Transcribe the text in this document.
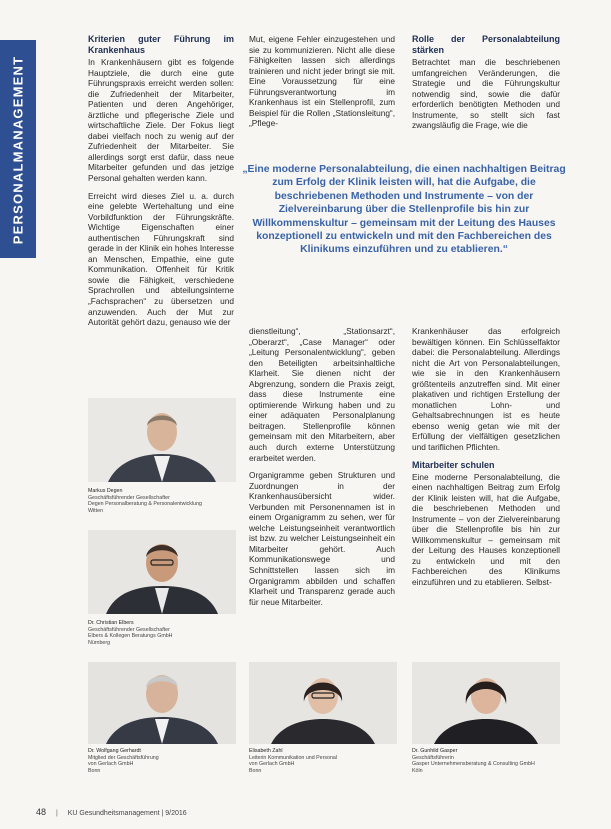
PERSONALMANAGEMENT
Kriterien guter Führung im Krankenhaus

In Krankenhäusern gibt es folgende Hauptziele, die durch eine gute Führungspraxis erreicht werden sollen: die Zufriedenheit der Mitarbeiter, Patienten und deren Angehöriger, ärztliche und pflegerische Ziele und wirtschaftliche Ziele. Der Fokus liegt dabei vielfach noch zu wenig auf der Zufriedenheit der Mitarbeiter. Sie allerdings sorgt erst dafür, dass neue Mitarbeiter gefunden und das jetzige Personal gehalten werden kann.

Erreicht wird dieses Ziel u. a. durch eine gelebte Wertehaltung und eine Vorbildfunktion der Führungskräfte. Wichtige Eigenschaften einer authentischen Führungskraft sind gerade in der Klinik ein hohes Interesse an Menschen, Empathie, eine gute Kommunikation. Offenheit für Kritik sowie die Fähigkeit, verschiedene Sprachrollen und abteilungsinterne „Fachsprachen“ zu übersetzen und anzuwenden. Auch der Mut zur Autorität gehört dazu, genauso wie der

Mut, eigene Fehler einzugestehen und sie zu kommunizieren. Nicht alle diese Fähigkeiten lassen sich allerdings trainieren und nicht jeder bringt sie mit. Eine Voraussetzung für eine Führungsverantwortung im Krankenhaus ist ein Stellenprofil, zum Beispiel für die Rollen „Stationsleitung“, „Pflege-

Rolle der Personalabteilung stärken

Betrachtet man die beschriebenen umfangreichen Veränderungen, die Strategie und die Führungskultur notwendig sind, sowie die dafür erforderlich benötigten Methoden und Instrumente, so stellt sich fast zwangsläufig die Frage, wie die

„Eine moderne Personalabteilung, die einen nachhaltigen Beitrag zum Erfolg der Klinik leisten will, hat die Aufgabe, die beschriebenen Methoden und Instrumente – von der Zielvereinbarung über die Stellenprofile bis hin zur Willkommenskultur – gemeinsam mit der Leitung des Hauses konzeptionell zu entwickeln und mit den Fachbereichen des Klinikums einzuführen und zu etablieren.“

dienstleitung“, „Stationsarzt“, „Oberarzt“, „Case Manager“ oder „Leitung Personalentwicklung“, geben den Beteiligten arbeitsinhaltliche Klarheit. Sie dienen nicht der Abgrenzung, sondern die Praxis zeigt, dass diese Instrumente eine optimierende Wirkung haben und zu einer adäquaten Personalplanung beitragen. Stellenprofile können gemeinsam mit den Mitarbeitern, aber auch durch externe Unterstützung erarbeitet werden.

Organigramme geben Strukturen und Zuordnungen in der Krankenhausübersicht wider. Verbunden mit Personennamen ist in einem Organigramm zu sehen, wer für welche Leistungseinheit verantwortlich ist bzw. zu welcher Leistungseinheit ein Mitarbeiter gehört. Auch Kommunikationswege und Schnittstellen lassen sich im Organigramm abbilden und schaffen Klarheit und Transparenz gerade auch für neue Mitarbeiter.

Krankenhäuser das erfolgreich bewältigen können. Ein Schlüsselfaktor dabei: die Personalabteilung. Allerdings nicht die Art von Personalabteilungen, wie sie in den Krankenhäusern größtenteils anzutreffen sind. Mit einer plakativen und richtigen Erstellung der monatlichen Lohn- und Gehaltsabrechnungen ist es heute ebenso wenig getan wie mit der Erfüllung der vielfältigen gesetzlichen und tariflichen Pflichten.

Mitarbeiter schulen

Eine moderne Personalabteilung, die einen nachhaltigen Beitrag zum Erfolg der Klinik leisten will, hat die Aufgabe, die beschriebenen Methoden und Instrumente – von der Zielvereinbarung über die Stellenprofile bis hin zur Willkommenskultur – gemeinsam mit der Leitung des Hauses konzeptionell zu entwickeln und mit den Fachbereichen des Klinikums einzuführen und zu etablieren. Selbst-

Markus Degen
Geschäftsführender Gesellschafter
Degen Personalberatung & Personalentwicklung
Witten
Dr. Christian Elbers
Geschäftsführender Gesellschafter
Elbers & Kollegen Beratungs GmbH
Nürnberg
Dr. Wolfgang Gerhardt
Mitglied der Geschäftsführung
von Gerlach GmbH
Bonn
Elisabeth Zahl
Leiterin Kommunikation und Personal
von Gerlach GmbH
Bonn
Dr. Gunhild Gasper
Geschäftsführerin
Gasper Unternehmensberatung & Consulting GmbH
Köln
48 | KU Gesundheitsmanagement | 9/2016
